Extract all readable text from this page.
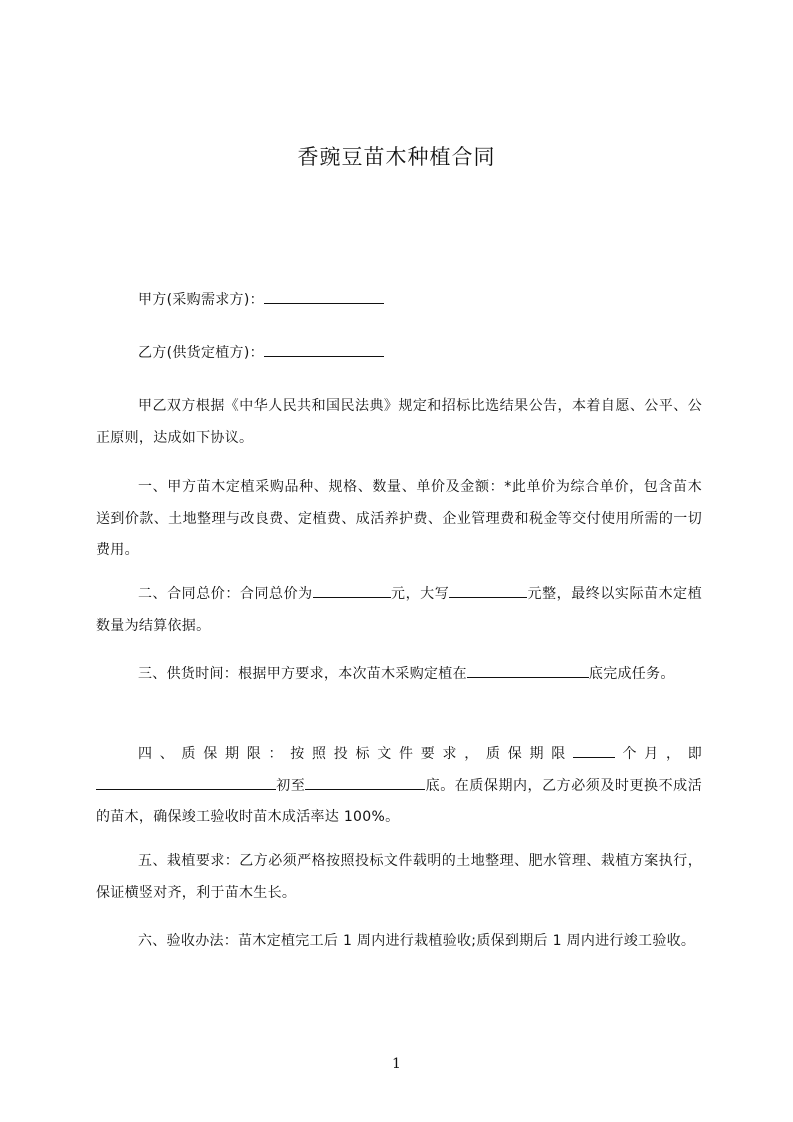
香豌豆苗木种植合同

甲方(采购需求方)：

乙方(供货定植方)：

甲乙双方根据《中华人民共和国民法典》规定和招标比选结果公告，本着自愿、公平、公正原则，达成如下协议。

一、甲方苗木定植采购品种、规格、数量、单价及金额：*此单价为综合单价，包含苗木送到价款、土地整理与改良费、定植费、成活养护费、企业管理费和税金等交付使用所需的一切费用。

二、合同总价：合同总价为	元，大写	元整，最终以实际苗木定植数量为结算依据。

三、供货时间：根据甲方要求，本次苗木采购定植在	底完成任务。

四、质保期限：按照投标文件要求，质保期限	个月，即初至	底。在质保期内，乙方必须及时更换不成活的苗木，确保竣工验收时苗木成活率达 100%。

五、栽植要求：乙方必须严格按照投标文件载明的土地整理、肥水管理、栽植方案执行，保证横竖对齐，利于苗木生长。

六、验收办法：苗木定植完工后 1 周内进行栽植验收;质保到期后 1 周内进行竣工验收。

1
